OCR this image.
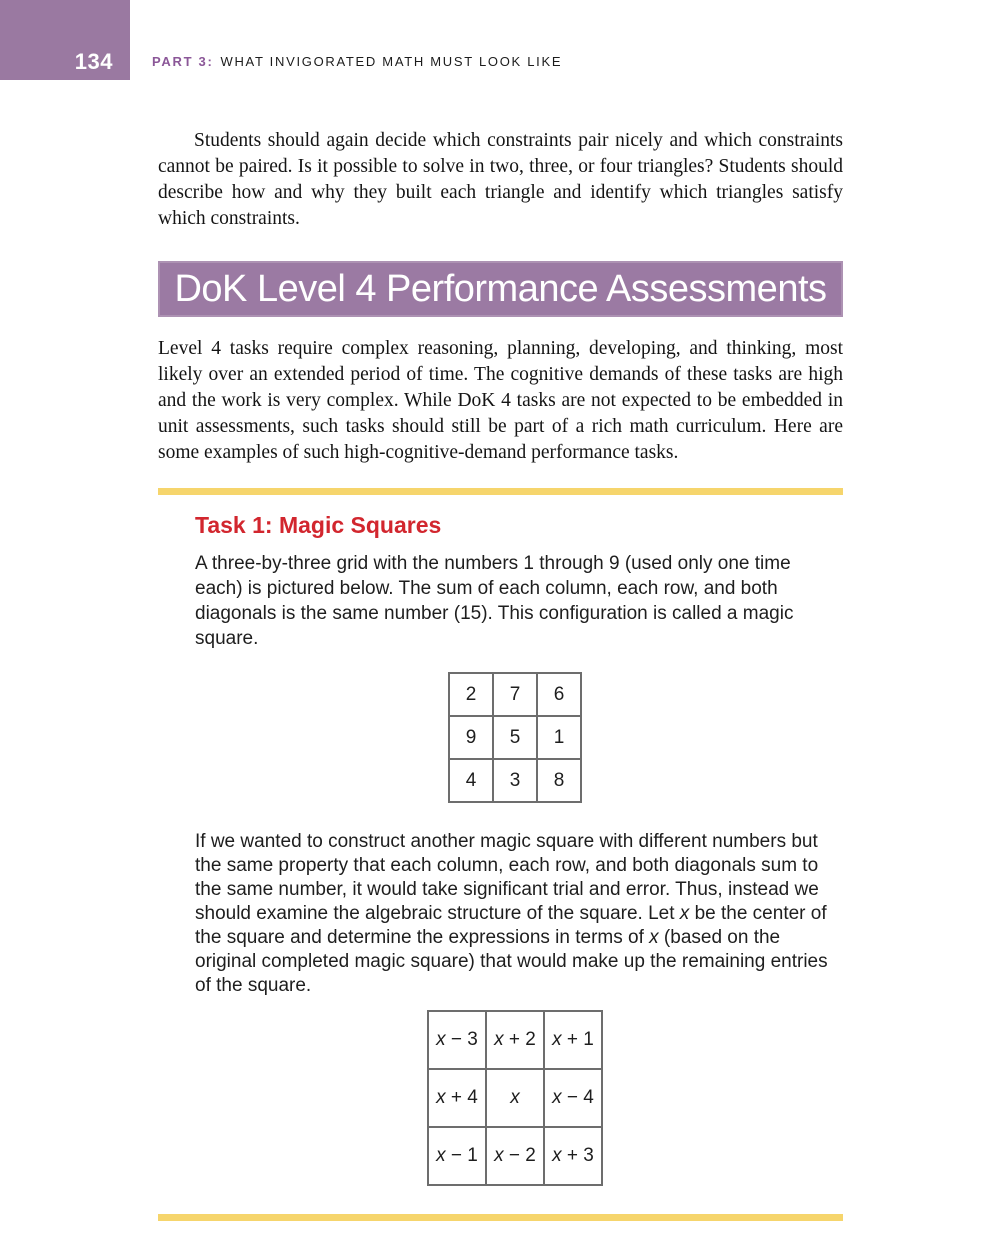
134	PART 3: WHAT INVIGORATED MATH MUST LOOK LIKE

Students should again decide which constraints pair nicely and which constraints cannot be paired. Is it possible to solve in two, three, or four triangles? Students should describe how and why they built each triangle and identify which triangles satisfy which constraints.

DoK Level 4 Performance Assessments

Level 4 tasks require complex reasoning, planning, developing, and thinking, most likely over an extended period of time. The cognitive demands of these tasks are high and the work is very complex. While DoK 4 tasks are not expected to be embedded in unit assessments, such tasks should still be part of a rich math curriculum. Here are some examples of such high-cognitive-demand performance tasks.

Task 1: Magic Squares

A three-by-three grid with the numbers 1 through 9 (used only one time each) is pictured below. The sum of each column, each row, and both diagonals is the same number (15). This configuration is called a magic square.

2	7	6
9	5	1
4	3	8

If we wanted to construct another magic square with different numbers but the same property that each column, each row, and both diagonals sum to the same number, it would take significant trial and error. Thus, instead we should examine the algebraic structure of the square. Let x be the center of the square and determine the expressions in terms of x (based on the original completed magic square) that would make up the remaining entries of the square.

x − 3	x + 2	x + 1
x + 4	x	x − 4
x − 1	x − 2	x + 3
